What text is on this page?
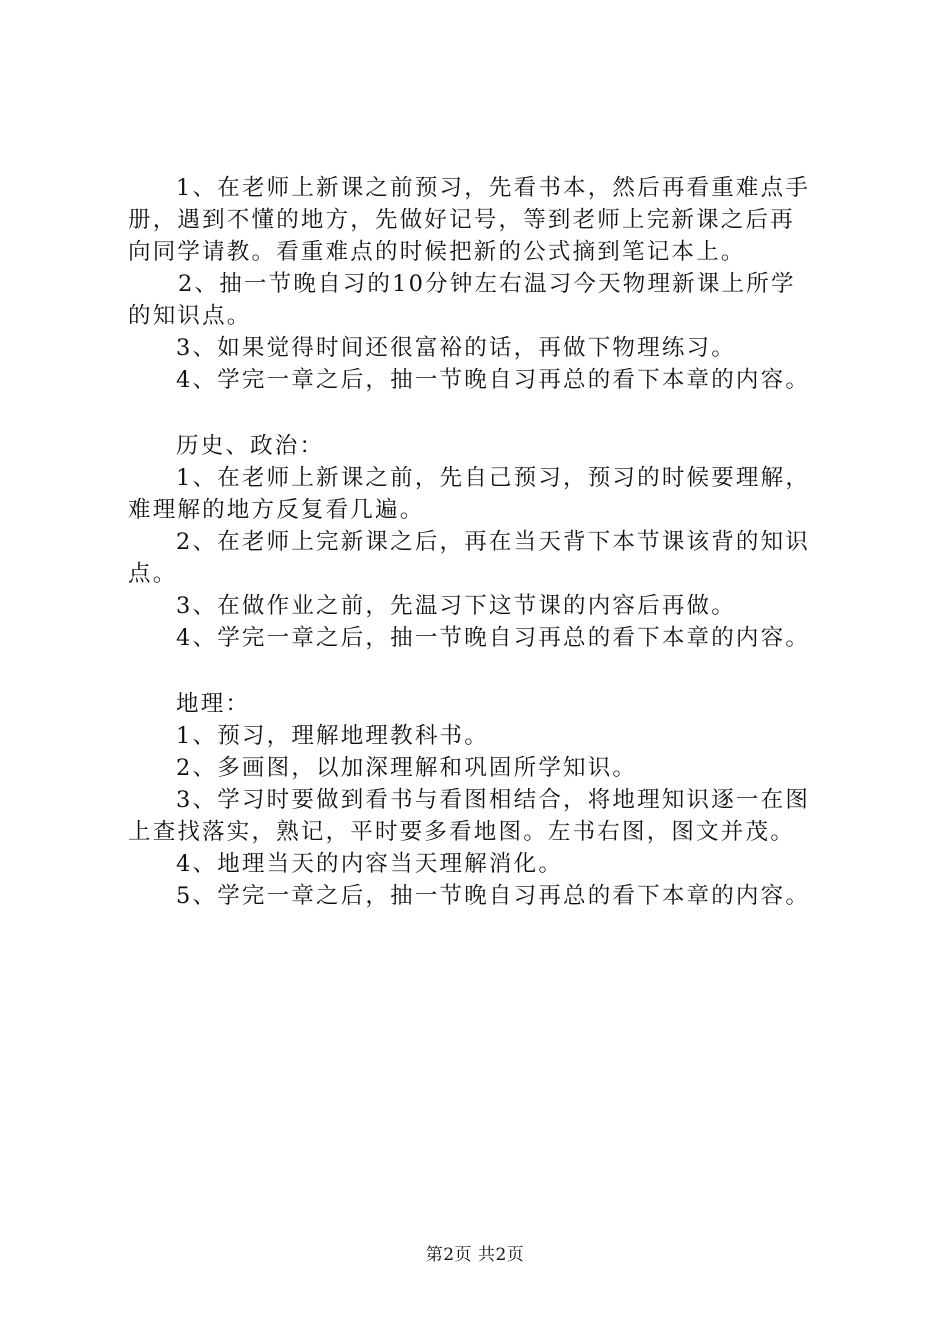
1、在老师上新课之前预习，先看书本，然后再看重难点手

册，遇到不懂的地方，先做好记号，等到老师上完新课之后再

向同学请教。看重难点的时候把新的公式摘到笔记本上。

2、抽一节晚自习的10分钟左右温习今天物理新课上所学

的知识点。

3、如果觉得时间还很富裕的话，再做下物理练习。

4、学完一章之后，抽一节晚自习再总的看下本章的内容。

历史、政治：

1、在老师上新课之前，先自己预习，预习的时候要理解，

难理解的地方反复看几遍。

2、在老师上完新课之后，再在当天背下本节课该背的知识

点。

3、在做作业之前，先温习下这节课的内容后再做。

4、学完一章之后，抽一节晚自习再总的看下本章的内容。

地理：

1、预习，理解地理教科书。

2、多画图，以加深理解和巩固所学知识。

3、学习时要做到看书与看图相结合，将地理知识逐一在图

上查找落实，熟记，平时要多看地图。左书右图，图文并茂。

4、地理当天的内容当天理解消化。

5、学完一章之后，抽一节晚自习再总的看下本章的内容。

第2页 共2页
